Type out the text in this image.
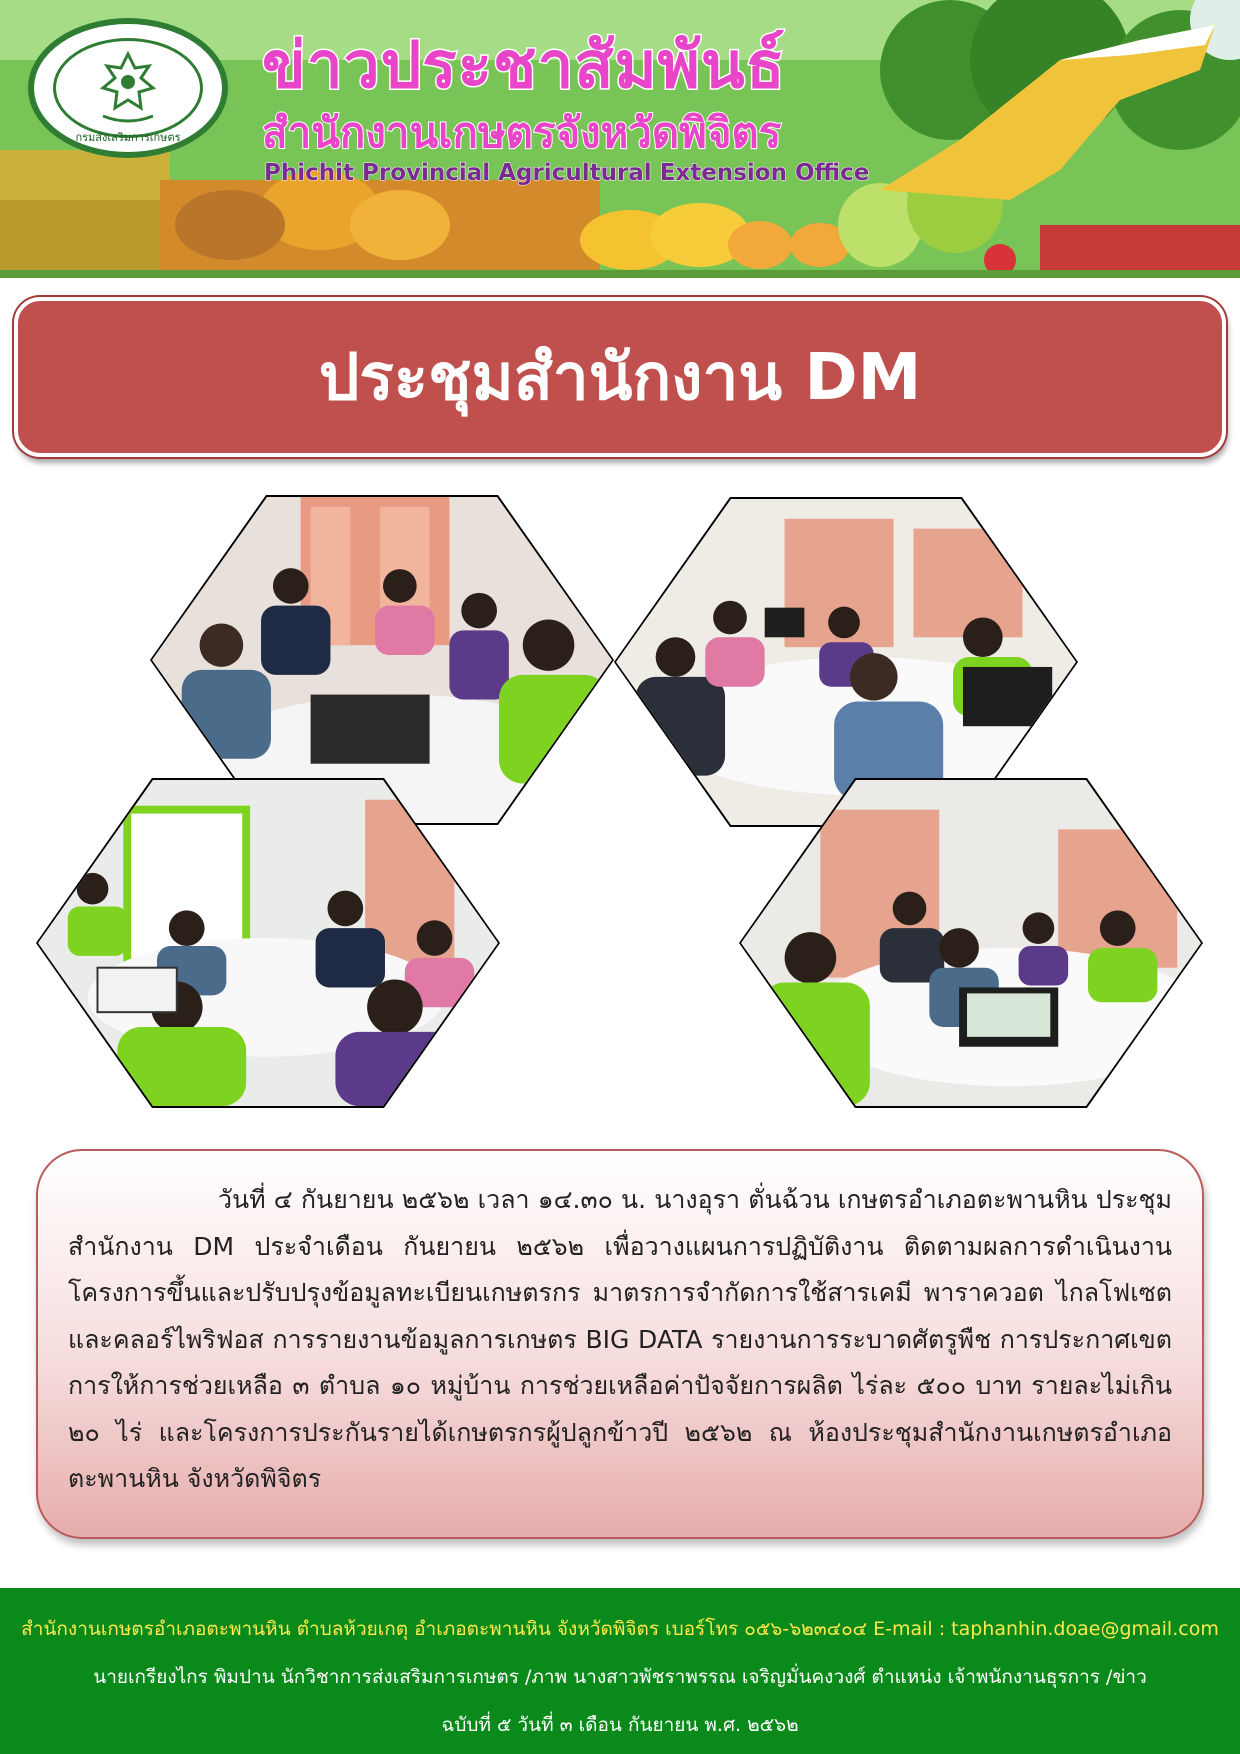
กรมส่งเสริมการเกษตร
ข่าวประชาสัมพันธ์
สำนักงานเกษตรจังหวัดพิจิตร
Phichit Provincial Agricultural Extension Office
ประชุมสำนักงาน DM

วันที่ ๔ กันยายน ๒๕๖๒ เวลา ๑๔.๓๐ น. นางอุรา ตั่นฉ้วน เกษตรอำเภอตะพานหิน ประชุมสำนักงาน DM ประจำเดือน กันยายน ๒๕๖๒ เพื่อวางแผนการปฏิบัติงาน ติดตามผลการดำเนินงาน โครงการขึ้นและปรับปรุงข้อมูลทะเบียนเกษตรกร มาตรการจำกัดการใช้สารเคมี พาราควอต ไกลโฟเซต และคลอร์ไพริฟอส การรายงานข้อมูลการเกษตร BIG DATA รายงานการระบาดศัตรูพืช การประกาศเขตการให้การช่วยเหลือ ๓ ตำบล ๑๐ หมู่บ้าน การช่วยเหลือค่าปัจจัยการผลิต ไร่ละ ๕๐๐ บาท รายละไม่เกิน ๒๐ ไร่ และโครงการประกันรายได้เกษตรกรผู้ปลูกข้าวปี ๒๕๖๒ ณ ห้องประชุมสำนักงานเกษตรอำเภอตะพานหิน จังหวัดพิจิตร

สำนักงานเกษตรอำเภอตะพานหิน ตำบลห้วยเกตุ อำเภอตะพานหิน จังหวัดพิจิตร เบอร์โทร ๐๕๖-๖๒๓๔๐๔ E-mail : taphanhin.doae@gmail.com
นายเกรียงไกร พิมปาน นักวิชาการส่งเสริมการเกษตร /ภาพ นางสาวพัชราพรรณ เจริญมั่นคงวงศ์ ตำแหน่ง เจ้าพนักงานธุรการ /ข่าว
ฉบับที่ ๕ วันที่ ๓ เดือน กันยายน พ.ศ. ๒๕๖๒
